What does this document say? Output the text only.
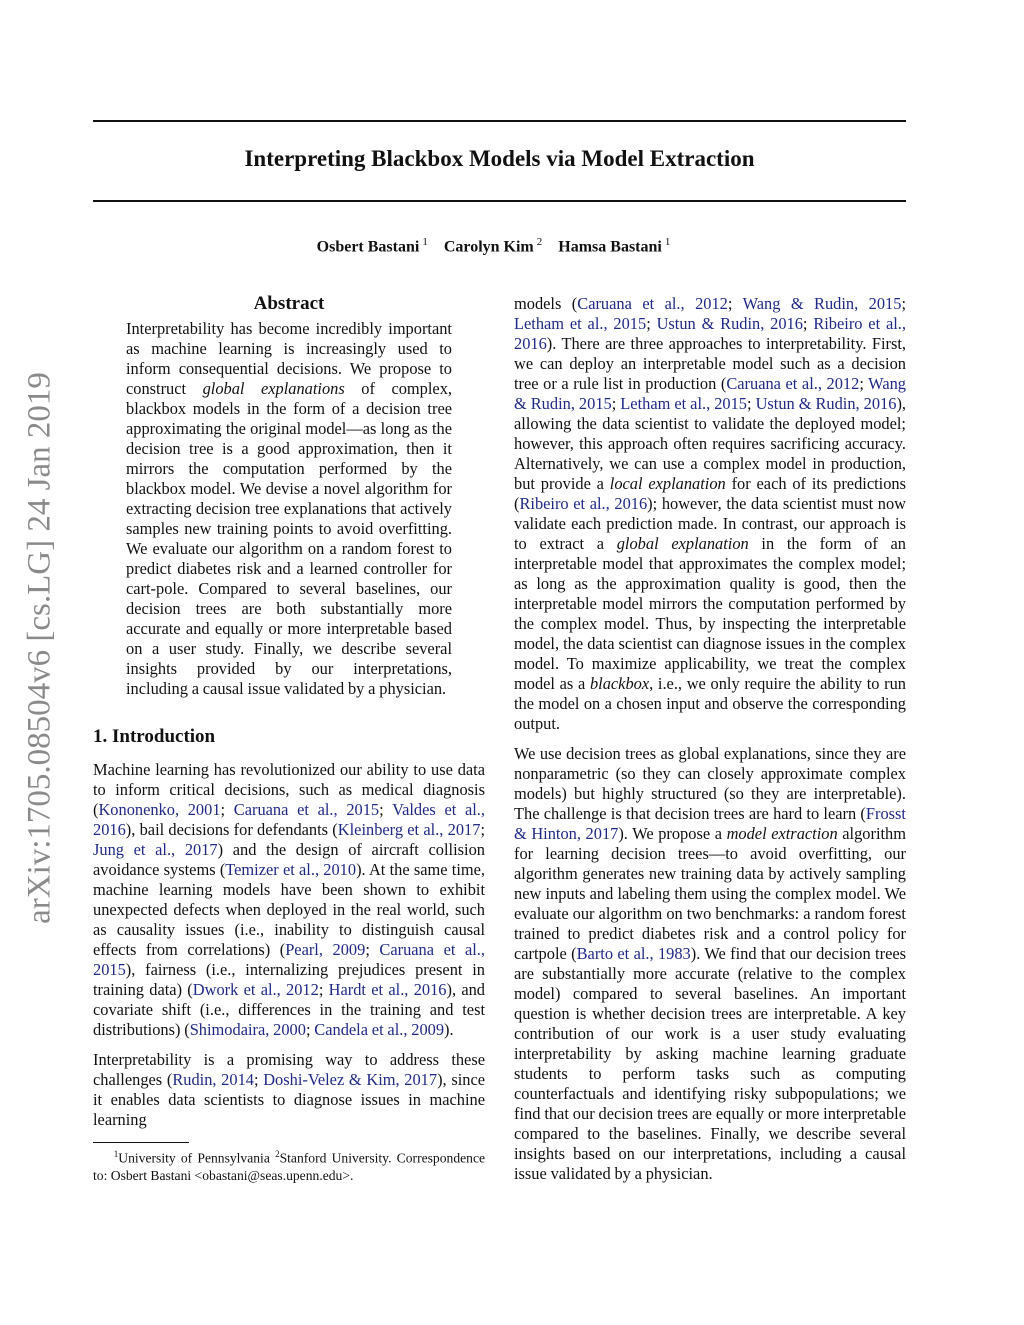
arXiv:1705.08504v6 [cs.LG] 24 Jan 2019
Interpreting Blackbox Models via Model Extraction
Osbert Bastani $^1$ Carolyn Kim $^2$ Hamsa Bastani $^1$
Abstract

Interpretability has become incredibly important as machine learning is increasingly used to inform consequential decisions. We propose to construct global explanations of complex, blackbox models in the form of a decision tree approximating the original model—as long as the decision tree is a good approximation, then it mirrors the computation performed by the blackbox model. We devise a novel algorithm for extracting decision tree explanations that actively samples new training points to avoid overfitting. We evaluate our algorithm on a random forest to predict diabetes risk and a learned controller for cart-pole. Compared to several baselines, our decision trees are both substantially more accurate and equally or more interpretable based on a user study. Finally, we describe several insights provided by our interpretations, including a causal issue validated by a physician.

1. Introduction

Machine learning has revolutionized our ability to use data to inform critical decisions, such as medical diagnosis (Kononenko, 2001; Caruana et al., 2015; Valdes et al., 2016), bail decisions for defendants (Kleinberg et al., 2017; Jung et al., 2017) and the design of aircraft collision avoidance systems (Temizer et al., 2010). At the same time, machine learning models have been shown to exhibit unexpected defects when deployed in the real world, such as causality issues (i.e., inability to distinguish causal effects from correlations) (Pearl, 2009; Caruana et al., 2015), fairness (i.e., internalizing prejudices present in training data) (Dwork et al., 2012; Hardt et al., 2016), and covariate shift (i.e., differences in the training and test distributions) (Shimodaira, 2000; Candela et al., 2009).

Interpretability is a promising way to address these challenges (Rudin, 2014; Doshi-Velez & Kim, 2017), since it enables data scientists to diagnose issues in machine learning

$^1$University of Pennsylvania $^2$Stanford University. Correspondence to: Osbert Bastani <obastani@seas.upenn.edu>.

models (Caruana et al., 2012; Wang & Rudin, 2015; Letham et al., 2015; Ustun & Rudin, 2016; Ribeiro et al., 2016). There are three approaches to interpretability. First, we can deploy an interpretable model such as a decision tree or a rule list in production (Caruana et al., 2012; Wang & Rudin, 2015; Letham et al., 2015; Ustun & Rudin, 2016), allowing the data scientist to validate the deployed model; however, this approach often requires sacrificing accuracy. Alternatively, we can use a complex model in production, but provide a local explanation for each of its predictions (Ribeiro et al., 2016); however, the data scientist must now validate each prediction made. In contrast, our approach is to extract a global explanation in the form of an interpretable model that approximates the complex model; as long as the approximation quality is good, then the interpretable model mirrors the computation performed by the complex model. Thus, by inspecting the interpretable model, the data scientist can diagnose issues in the complex model. To maximize applicability, we treat the complex model as a blackbox, i.e., we only require the ability to run the model on a chosen input and observe the corresponding output.

We use decision trees as global explanations, since they are nonparametric (so they can closely approximate complex models) but highly structured (so they are interpretable). The challenge is that decision trees are hard to learn (Frosst & Hinton, 2017). We propose a model extraction algorithm for learning decision trees—to avoid overfitting, our algorithm generates new training data by actively sampling new inputs and labeling them using the complex model. We evaluate our algorithm on two benchmarks: a random forest trained to predict diabetes risk and a control policy for cartpole (Barto et al., 1983). We find that our decision trees are substantially more accurate (relative to the complex model) compared to several baselines. An important question is whether decision trees are interpretable. A key contribution of our work is a user study evaluating interpretability by asking machine learning graduate students to perform tasks such as computing counterfactuals and identifying risky subpopulations; we find that our decision trees are equally or more interpretable compared to the baselines. Finally, we describe several insights based on our interpretations, including a causal issue validated by a physician.
